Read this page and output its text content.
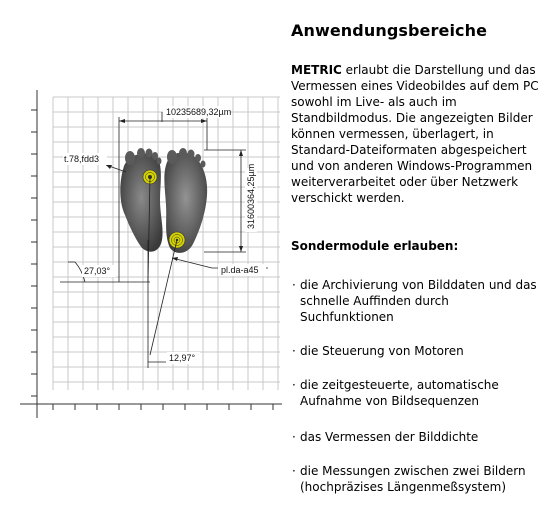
10235689,32µm
t.78,fdd3
31600364,25µm
pl.da-a45
27,03°
12,97°
Anwendungsbereiche

METRIC erlaubt die Darstellung und das Vermessen eines Videobildes auf dem PC sowohl im Live- als auch im Standbildmodus. Die angezeigten Bilder können vermessen, überlagert, in Standard-Dateiformaten abgespeichert und von anderen Windows-Programmen weiterverarbeitet oder über Netzwerk verschickt werden.

Sondermodule erlauben:

· die Archivierung von Bilddaten und das schnelle Auffinden durch Suchfunktionen

· die Steuerung von Motoren

· die zeitgesteuerte, automatische Aufnahme von Bildsequenzen

· das Vermessen der Bilddichte

· die Messungen zwischen zwei Bildern (hochpräzises Längenmeßsystem)
